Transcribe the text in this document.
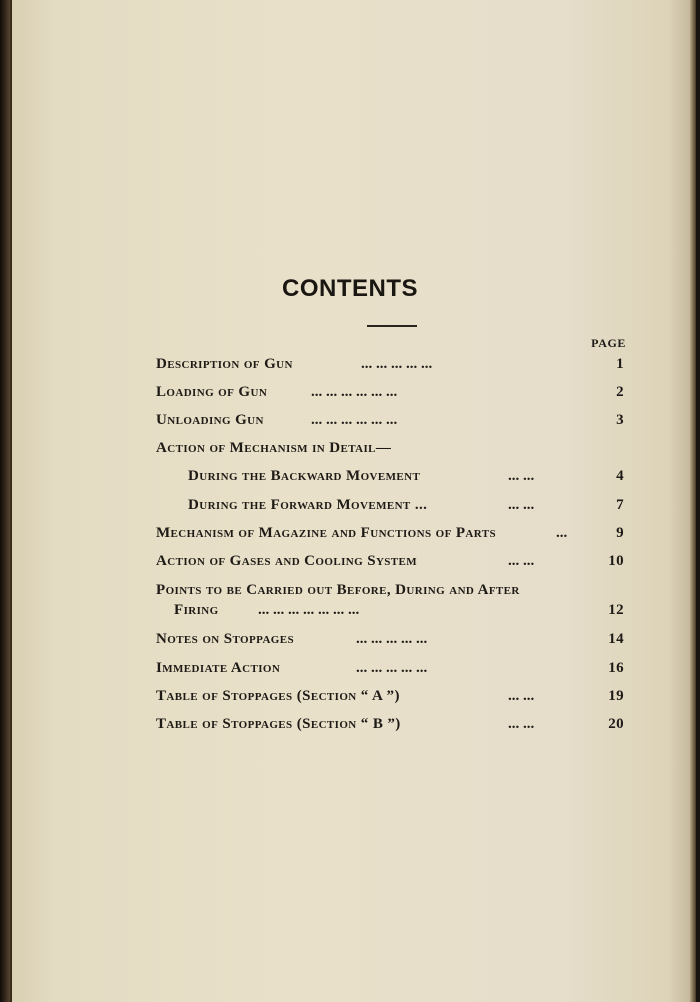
CONTENTS
PAGE
Description of Gun	... ... ... ... ...	1
Loading of Gun	... ... ... ... ... ...	2
Unloading Gun	... ... ... ... ... ...	3
Action of Mechanism in Detail—
During the Backward Movement	... ...	4
During the Forward Movement ...	... ...	7
Mechanism of Magazine and Functions of Parts	...	9
Action of Gases and Cooling System	... ...	10
Points to be Carried out Before, During and After
Firing	... ... ... ... ... ... ...	12
Notes on Stoppages	... ... ... ... ...	14
Immediate Action	... ... ... ... ...	16
Table of Stoppages (Section “ A ”)	... ...	19
Table of Stoppages (Section “ B ”)	... ...	20
